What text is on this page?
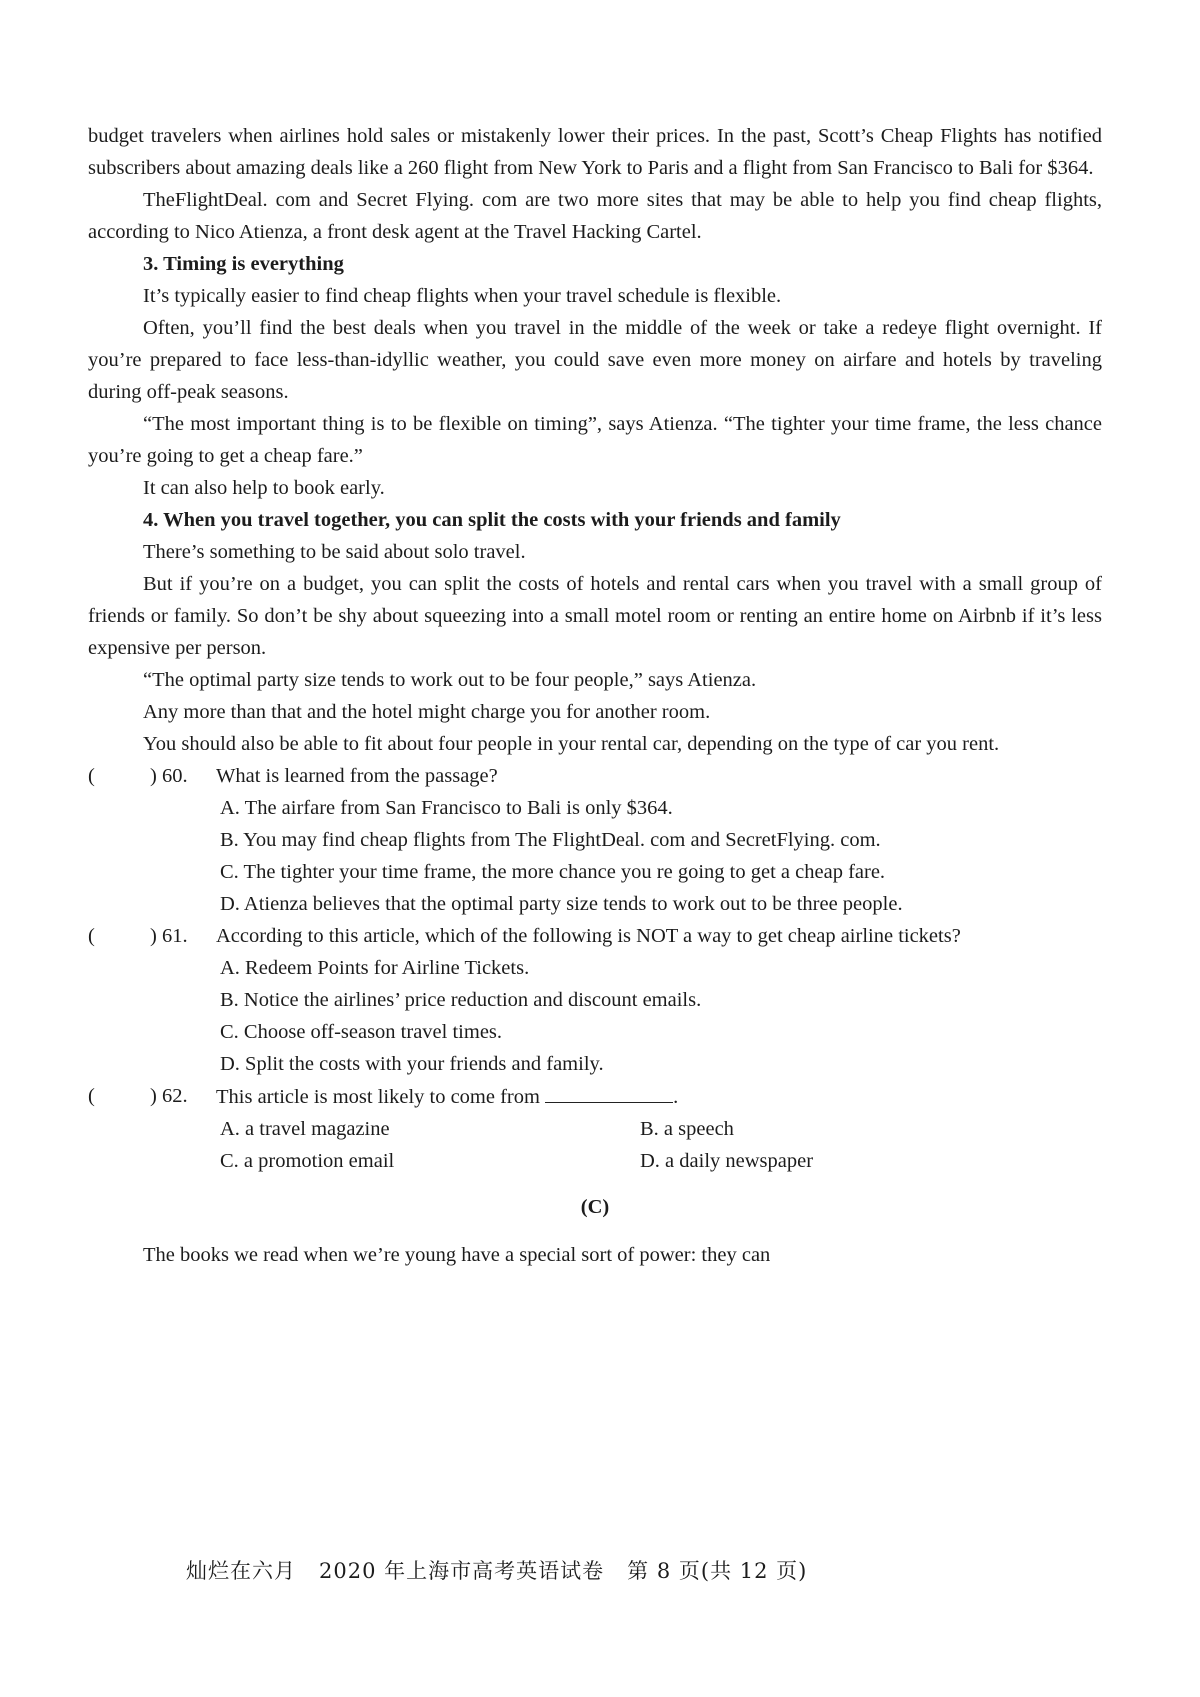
budget travelers when airlines hold sales or mistakenly lower their prices. In the past, Scott’s Cheap Flights has notified subscribers about amazing deals like a 260 flight from New York to Paris and a flight from San Francisco to Bali for $364.

TheFlightDeal. com and Secret Flying. com are two more sites that may be able to help you find cheap flights, according to Nico Atienza, a front desk agent at the Travel Hacking Cartel.

3. Timing is everything

It’s typically easier to find cheap flights when your travel schedule is flexible.

Often, you’ll find the best deals when you travel in the middle of the week or take a redeye flight overnight. If you’re prepared to face less-than-idyllic weather, you could save even more money on airfare and hotels by traveling during off-peak seasons.

“The most important thing is to be flexible on timing”, says Atienza. “The tighter your time frame, the less chance you’re going to get a cheap fare.”

It can also help to book early.

4. When you travel together, you can split the costs with your friends and family

There’s something to be said about solo travel.

But if you’re on a budget, you can split the costs of hotels and rental cars when you travel with a small group of friends or family. So don’t be shy about squeezing into a small motel room or renting an entire home on Airbnb if it’s less expensive per person.

“The optimal party size tends to work out to be four people,” says Atienza.

Any more than that and the hotel might charge you for another room.

You should also be able to fit about four people in your rental car, depending on the type of car you rent.

(	) 60. What is learned from the passage?

A. The airfare from San Francisco to Bali is only $364.

B. You may find cheap flights from The FlightDeal. com and SecretFlying. com.

C. The tighter your time frame, the more chance you re going to get a cheap fare.

D. Atienza believes that the optimal party size tends to work out to be three people.

(	) 61. According to this article, which of the following is NOT a way to get cheap airline tickets?

A. Redeem Points for Airline Tickets.

B. Notice the airlines’ price reduction and discount emails.

C. Choose off-season travel times.

D. Split the costs with your friends and family.

(	) 62. This article is most likely to come from	.
A. a travel magazine	B. a speech
C. a promotion email	D. a daily newspaper

(C)

The books we read when we’re young have a special sort of power: they can

灿烂在六月   2020 年上海市高考英语试卷   第 8 页(共 12 页)
